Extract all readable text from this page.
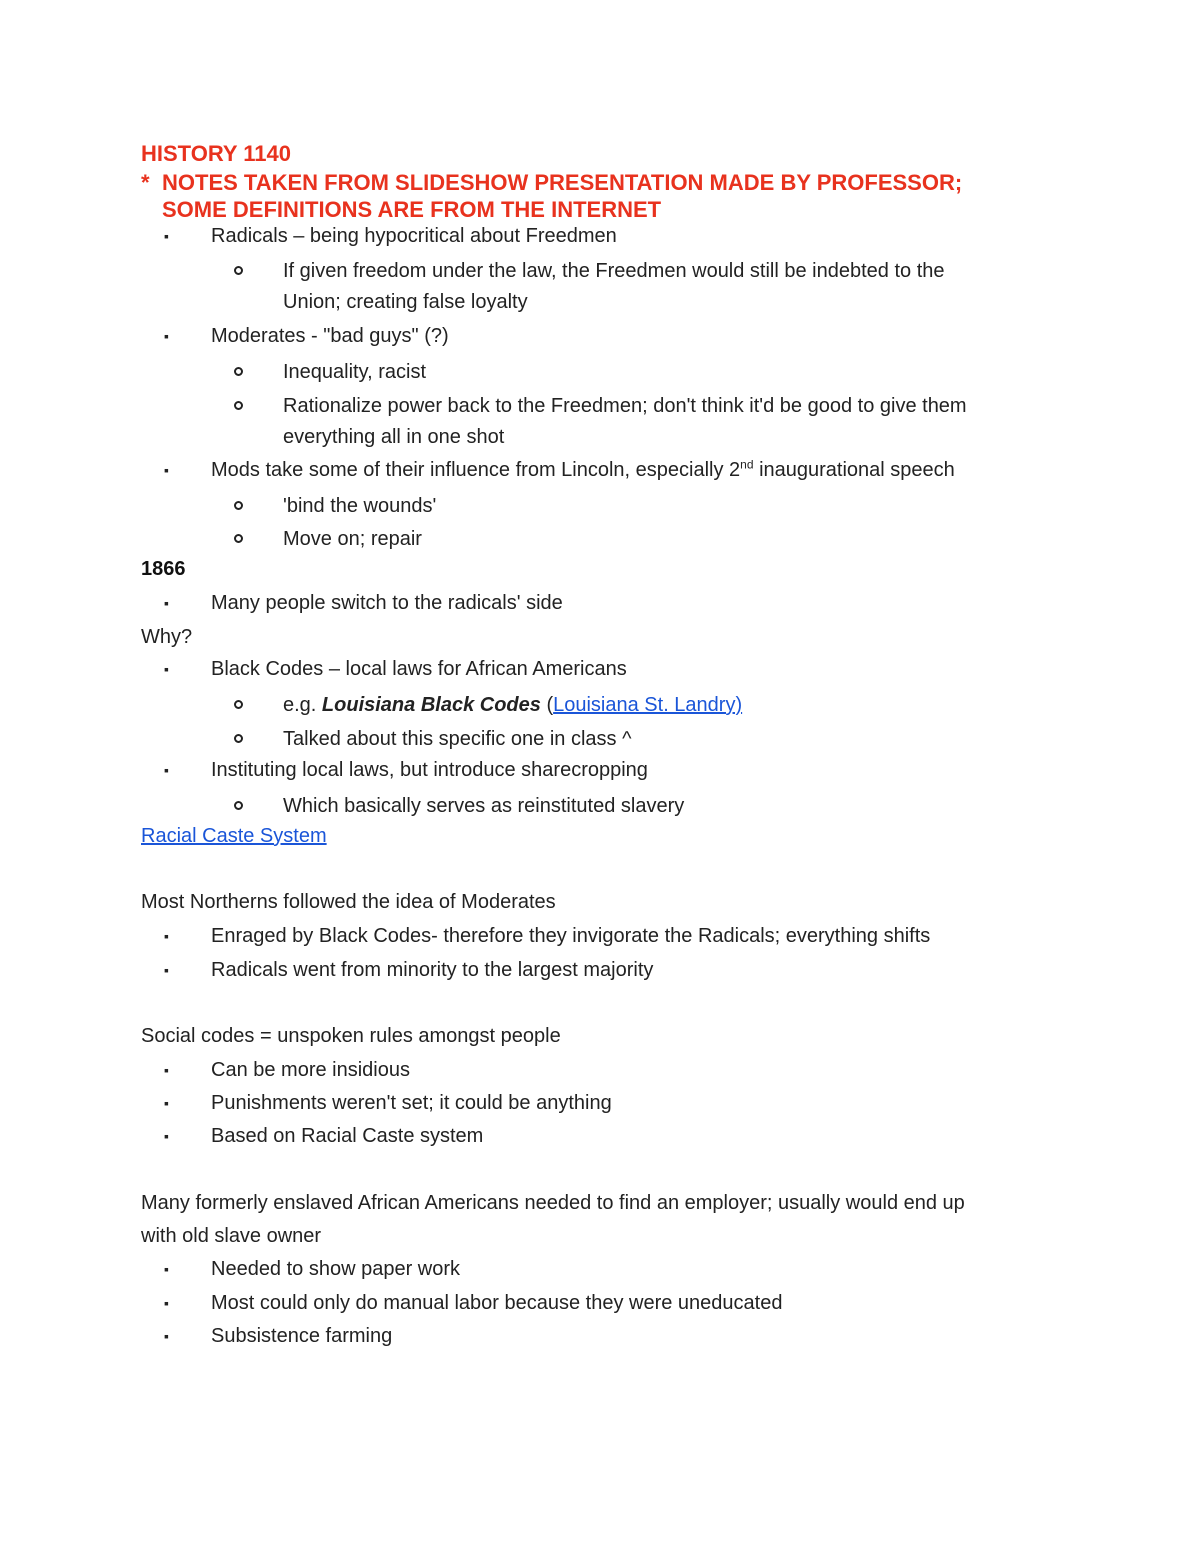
HISTORY 1140
* NOTES TAKEN FROM SLIDESHOW PRESENTATION MADE BY PROFESSOR;
SOME DEFINITIONS ARE FROM THE INTERNET
▪ Radicals – being hypocritical about Freedmen
If given freedom under the law, the Freedmen would still be indebted to the
Union; creating false loyalty
▪ Moderates - "bad guys" (?)
Inequality, racist
Rationalize power back to the Freedmen; don't think it'd be good to give them
everything all in one shot
▪ Mods take some of their influence from Lincoln, especially 2nd inaugurational speech
'bind the wounds'
Move on; repair
1866
▪ Many people switch to the radicals' side
Why?
▪ Black Codes – local laws for African Americans
e.g. Louisiana Black Codes (Louisiana St. Landry)
Talked about this specific one in class ^
▪ Instituting local laws, but introduce sharecropping
Which basically serves as reinstituted slavery
Racial Caste System
Most Northerns followed the idea of Moderates
▪ Enraged by Black Codes- therefore they invigorate the Radicals; everything shifts
▪ Radicals went from minority to the largest majority
Social codes = unspoken rules amongst people
▪ Can be more insidious
▪ Punishments weren't set; it could be anything
▪ Based on Racial Caste system
Many formerly enslaved African Americans needed to find an employer; usually would end up
with old slave owner
▪ Needed to show paper work
▪ Most could only do manual labor because they were uneducated
▪ Subsistence farming
